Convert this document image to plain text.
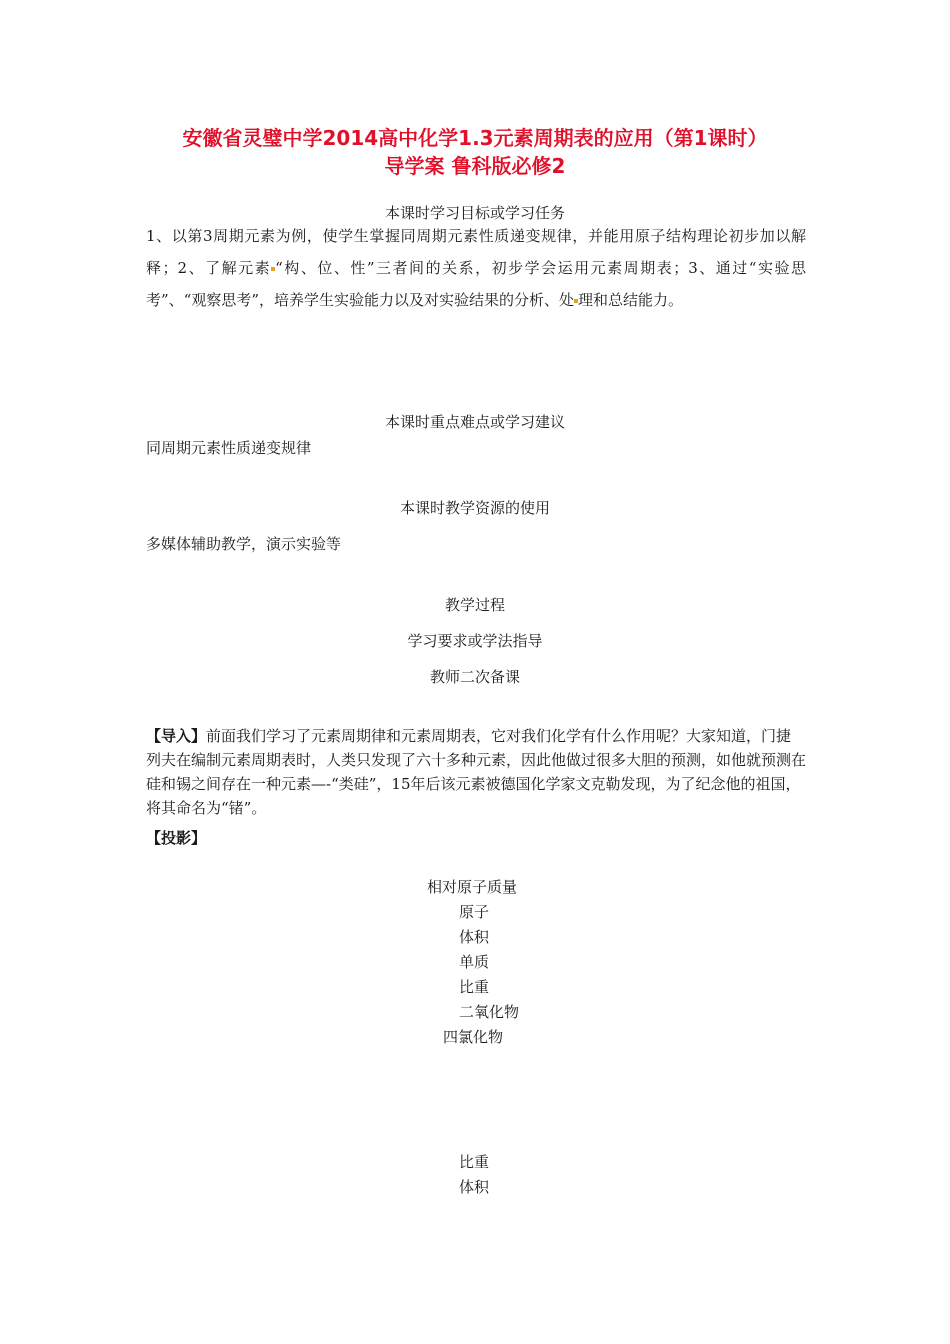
安徽省灵璧中学2014高中化学1.3元素周期表的应用（第1课时）
导学案 鲁科版必修2
本课时学习目标或学习任务
1、以第3周期元素为例，使学生掌握同周期元素性质递变规律，并能用原子结构理论初步加以解释；2、了解元素 “构、位、性”三者间的关系，初步学会运用元素周期表；3、通过“实验思考”、“观察思考”，培养学生实验能力以及对实验结果的分析、处 理和总结能力。
本课时重点难点或学习建议
同周期元素性质递变规律
本课时教学资源的使用
多媒体辅助教学，演示实验等
教学过程
学习要求或学法指导
教师二次备课
【导入】前面我们学习了元素周期律和元素周期表，它对我们化学有什么作用呢？大家知道，门捷列夫在编制元素周期表时，人类只发现了六十多种元素，因此他做过很多大胆的预测，如他就预测在硅和锡之间存在一种元素—-“类硅”，15年后该元素被德国化学家文克勒发现，为了纪念他的祖国，将其命名为“锗”。
【投影】
相对原子质量
原子
体积
单质
比重
二氧化物
四氯化物
比重
体积
